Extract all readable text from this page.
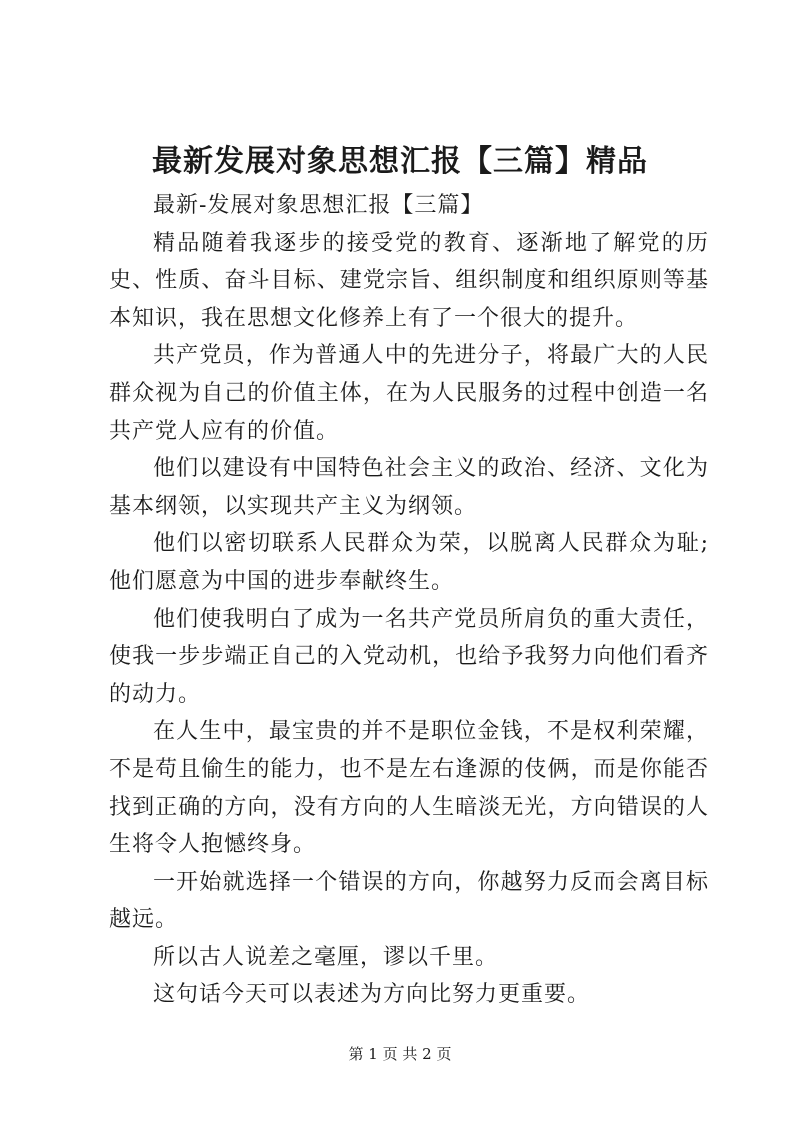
最新发展对象思想汇报【三篇】精品

最新-发展对象思想汇报【三篇】

精品随着我逐步的接受党的教育、逐渐地了解党的历史、性质、奋斗目标、建党宗旨、组织制度和组织原则等基本知识，我在思想文化修养上有了一个很大的提升。

共产党员，作为普通人中的先进分子，将最广大的人民群众视为自己的价值主体，在为人民服务的过程中创造一名共产党人应有的价值。

他们以建设有中国特色社会主义的政治、经济、文化为基本纲领，以实现共产主义为纲领。

他们以密切联系人民群众为荣，以脱离人民群众为耻;他们愿意为中国的进步奉献终生。

他们使我明白了成为一名共产党员所肩负的重大责任，使我一步步端正自己的入党动机，也给予我努力向他们看齐的动力。

在人生中，最宝贵的并不是职位金钱，不是权利荣耀，不是苟且偷生的能力，也不是左右逢源的伎俩，而是你能否找到正确的方向，没有方向的人生暗淡无光，方向错误的人生将令人抱憾终身。

一开始就选择一个错误的方向，你越努力反而会离目标越远。

所以古人说差之毫厘，谬以千里。

这句话今天可以表述为方向比努力更重要。

第 1 页 共 2 页
